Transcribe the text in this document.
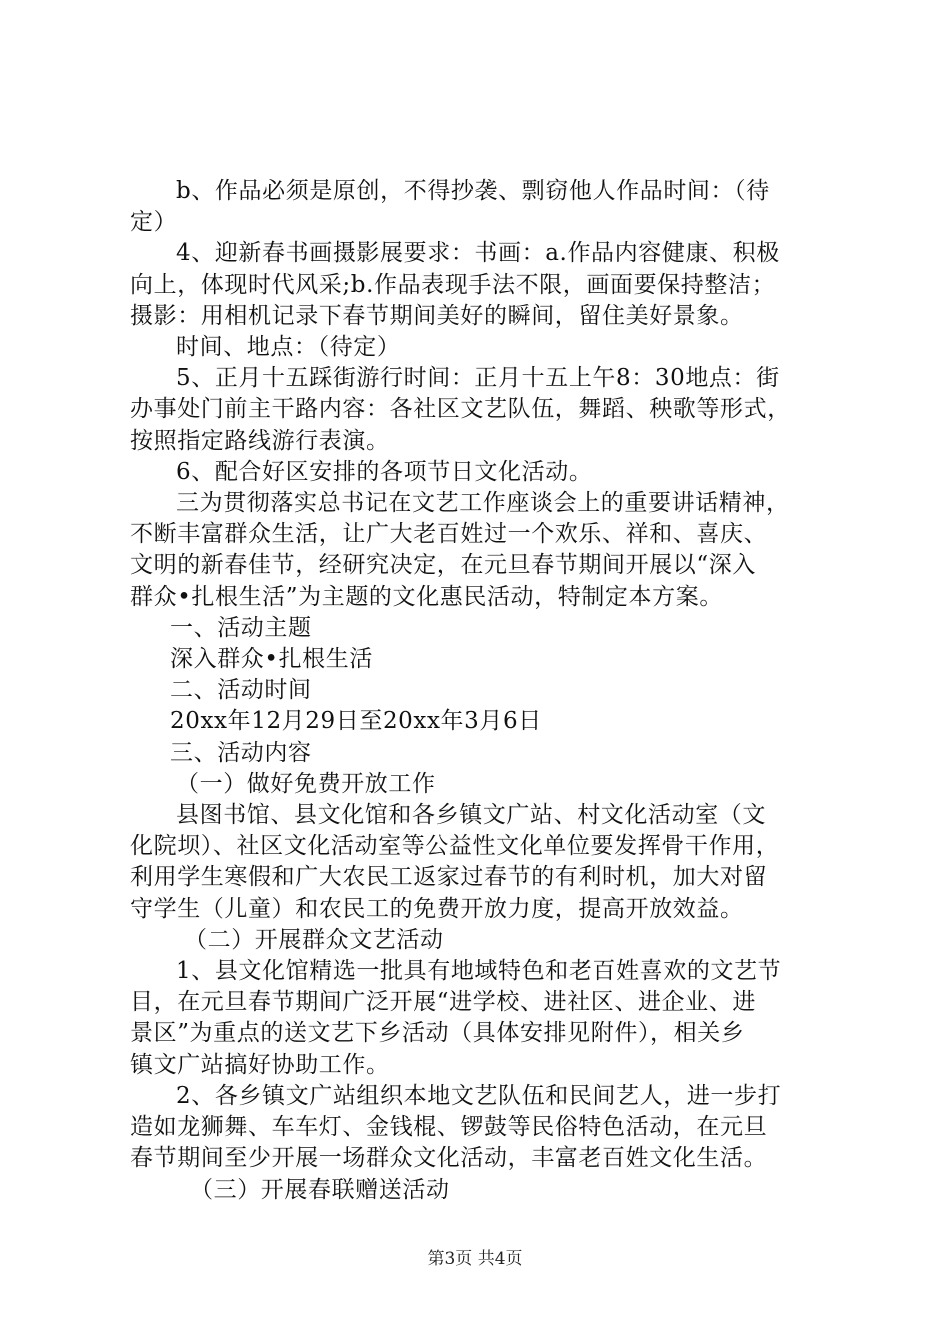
b、作品必须是原创，不得抄袭、剽窃他人作品时间：（待

定）

4、迎新春书画摄影展要求：书画：a.作品内容健康、积极

向上，体现时代风采;b.作品表现手法不限，画面要保持整洁；

摄影：用相机记录下春节期间美好的瞬间，留住美好景象。

时间、地点：（待定）

5、正月十五踩街游行时间：正月十五上午8：30地点：街

办事处门前主干路内容：各社区文艺队伍，舞蹈、秧歌等形式，

按照指定路线游行表演。

6、配合好区安排的各项节日文化活动。

三为贯彻落实总书记在文艺工作座谈会上的重要讲话精神，

不断丰富群众生活，让广大老百姓过一个欢乐、祥和、喜庆、

文明的新春佳节，经研究决定，在元旦春节期间开展以“深入

群众•扎根生活”为主题的文化惠民活动，特制定本方案。

一、活动主题

深入群众•扎根生活

二、活动时间

20xx年12月29日至20xx年3月6日

三、活动内容

（一）做好免费开放工作

县图书馆、县文化馆和各乡镇文广站、村文化活动室（文

化院坝）、社区文化活动室等公益性文化单位要发挥骨干作用，

利用学生寒假和广大农民工返家过春节的有利时机，加大对留

守学生（儿童）和农民工的免费开放力度，提高开放效益。

（二）开展群众文艺活动

1、县文化馆精选一批具有地域特色和老百姓喜欢的文艺节

目，在元旦春节期间广泛开展“进学校、进社区、进企业、进

景区”为重点的送文艺下乡活动（具体安排见附件），相关乡

镇文广站搞好协助工作。

2、各乡镇文广站组织本地文艺队伍和民间艺人，进一步打

造如龙狮舞、车车灯、金钱棍、锣鼓等民俗特色活动，在元旦

春节期间至少开展一场群众文化活动，丰富老百姓文化生活。

（三）开展春联赠送活动

第3页 共4页
